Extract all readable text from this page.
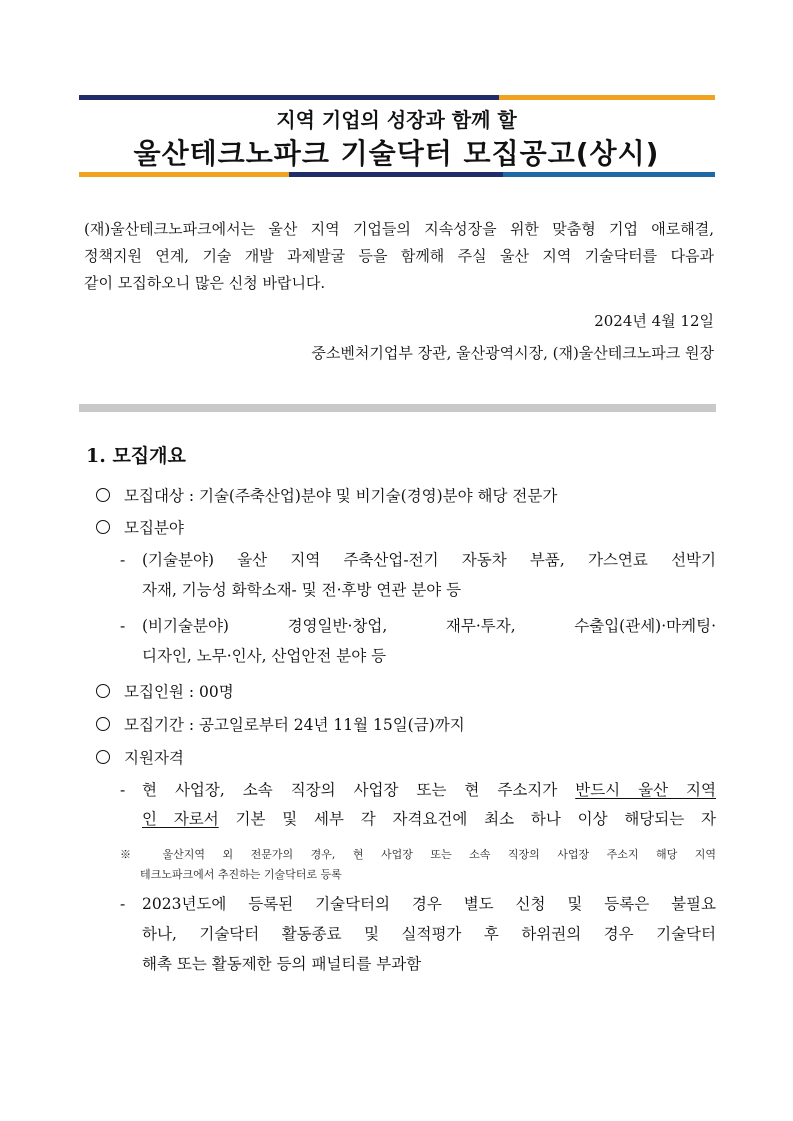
지역 기업의 성장과 함께 할
울산테크노파크 기술닥터 모집공고(상시)
(재)울산테크노파크에서는 울산 지역 기업들의 지속성장을 위한 맞춤형 기업 애로해결,
정책지원 연계, 기술 개발 과제발굴 등을 함께해 주실 울산 지역 기술닥터를 다음과
같이 모집하오니 많은 신청 바랍니다.
2024년 4월 12일
중소벤처기업부 장관, 울산광역시장, (재)울산테크노파크 원장
1. 모집개요
모집대상 : 기술(주축산업)분야 및 비기술(경영)분야 해당 전문가
모집분야
- (기술분야) 울산 지역 주축산업-전기 자동차 부품, 가스연료 선박기
자재, 기능성 화학소재- 및 전·후방 연관 분야 등
- (비기술분야) 경영일반·창업, 재무·투자, 수출입(관세)·마케팅·
디자인, 노무·인사, 산업안전 분야 등
모집인원 : 00명
모집기간 : 공고일로부터 24년 11월 15일(금)까지
지원자격
- 현 사업장, 소속 직장의 사업장 또는 현 주소지가 반드시 울산 지역
인 자로서 기본 및 세부 각 자격요건에 최소 하나 이상 해당되는 자
※ 울산지역 외 전문가의 경우, 현 사업장 또는 소속 직장의 사업장 주소지 해당 지역
테크노파크에서 추진하는 기술닥터로 등록
- 2023년도에 등록된 기술닥터의 경우 별도 신청 및 등록은 불필요
하나, 기술닥터 활동종료 및 실적평가 후 하위권의 경우 기술닥터
해촉 또는 활동제한 등의 패널티를 부과함
